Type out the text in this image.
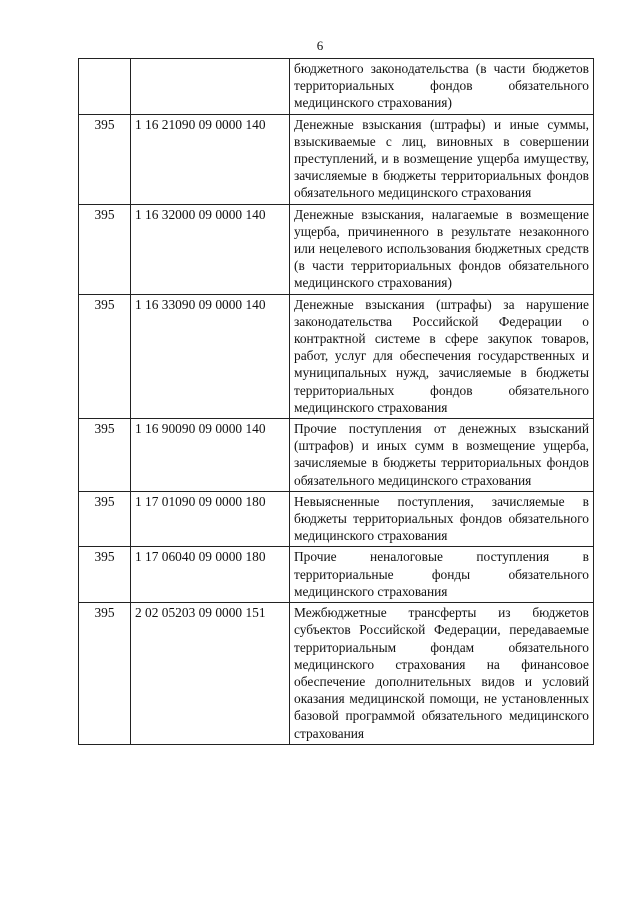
6
		бюджетного законодательства (в части бюджетов территориальных фондов обязательного медицинского страхования)
395	1 16 21090 09 0000 140	Денежные взыскания (штрафы) и иные суммы, взыскиваемые с лиц, виновных в совершении преступлений, и в возмещение ущерба имуществу, зачисляемые в бюджеты территориальных фондов обязательного медицинского страхования
395	1 16 32000 09 0000 140	Денежные взыскания, налагаемые в возмещение ущерба, причиненного в результате незаконного или нецелевого использования бюджетных средств (в части территориальных фондов обязательного медицинского страхования)
395	1 16 33090 09 0000 140	Денежные взыскания (штрафы) за нарушение законодательства Российской Федерации о контрактной системе в сфере закупок товаров, работ, услуг для обеспечения государственных и муниципальных нужд, зачисляемые в бюджеты территориальных фондов обязательного медицинского страхования
395	1 16 90090 09 0000 140	Прочие поступления от денежных взысканий (штрафов) и иных сумм в возмещение ущерба, зачисляемые в бюджеты территориальных фондов обязательного медицинского страхования
395	1 17 01090 09 0000 180	Невыясненные поступления, зачисляемые в бюджеты территориальных фондов обязательного медицинского страхования
395	1 17 06040 09 0000 180	Прочие неналоговые поступления в территориальные фонды обязательного медицинского страхования
395	2 02 05203 09 0000 151	Межбюджетные трансферты из бюджетов субъектов Российской Федерации, передаваемые территориальным фондам обязательного медицинского страхования на финансовое обеспечение дополнительных видов и условий оказания медицинской помощи, не установленных базовой программой обязательного медицинского страхования
